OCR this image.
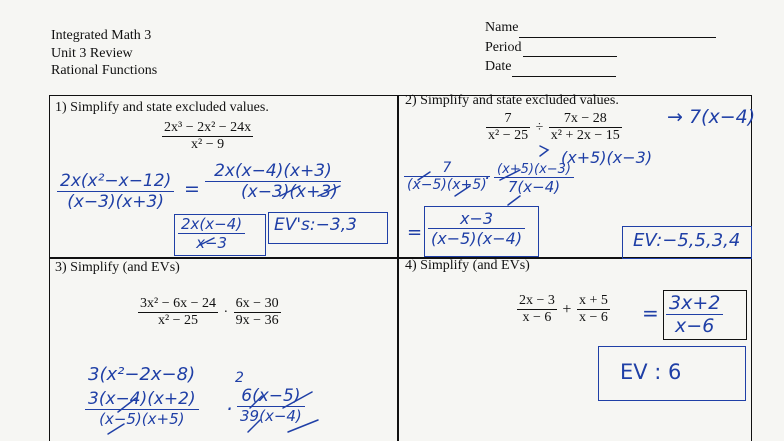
Integrated Math 3
Unit 3 Review
Rational Functions
Name
Period
Date
1) Simplify and state excluded values.
$\frac{\text{2x³ − 2x² − 24x}}{\text{x² − 9}}$
$\frac{\text{2x(x²−x−12)}}{(x-3)(x+3)} = \frac{2x(x-4)(x+3)}{(x-3)(x+3)}$
$\frac{2x(x-4)}{x-3}$ EV's:−3,3
2) Simplify and state excluded values.
$\frac{7}{\text{x² − 25}} \div \frac{7x - 28}{\text{x² + 2x − 15}} \to 7(x-4)$
(x+5)(x−3)
$\frac{7}{(x-5)(x+5)}$
· $\frac{(x+5)(x-3)}{7(x-4)}$
= $\frac{x-3}{(x-5)(x-4)}$	EV:−5,5,3,4
3) Simplify (and EVs)
$\frac{\text{3x² − 6x − 24}}{\text{x² − 25}} \cdot \frac{6x - 30}{9x - 36}$
3(x²−2x−8)
$\frac{3(x-4)(x+2)}{(x-5)(x+5)}$
2
· $\frac{6(x-5)}{39(x-4)}$
4) Simplify (and EVs)
$\frac{2x - 3}{x - 6} + \frac{x + 5}{x - 6} = \frac{3x+2}{x-6}$
EV : 6
